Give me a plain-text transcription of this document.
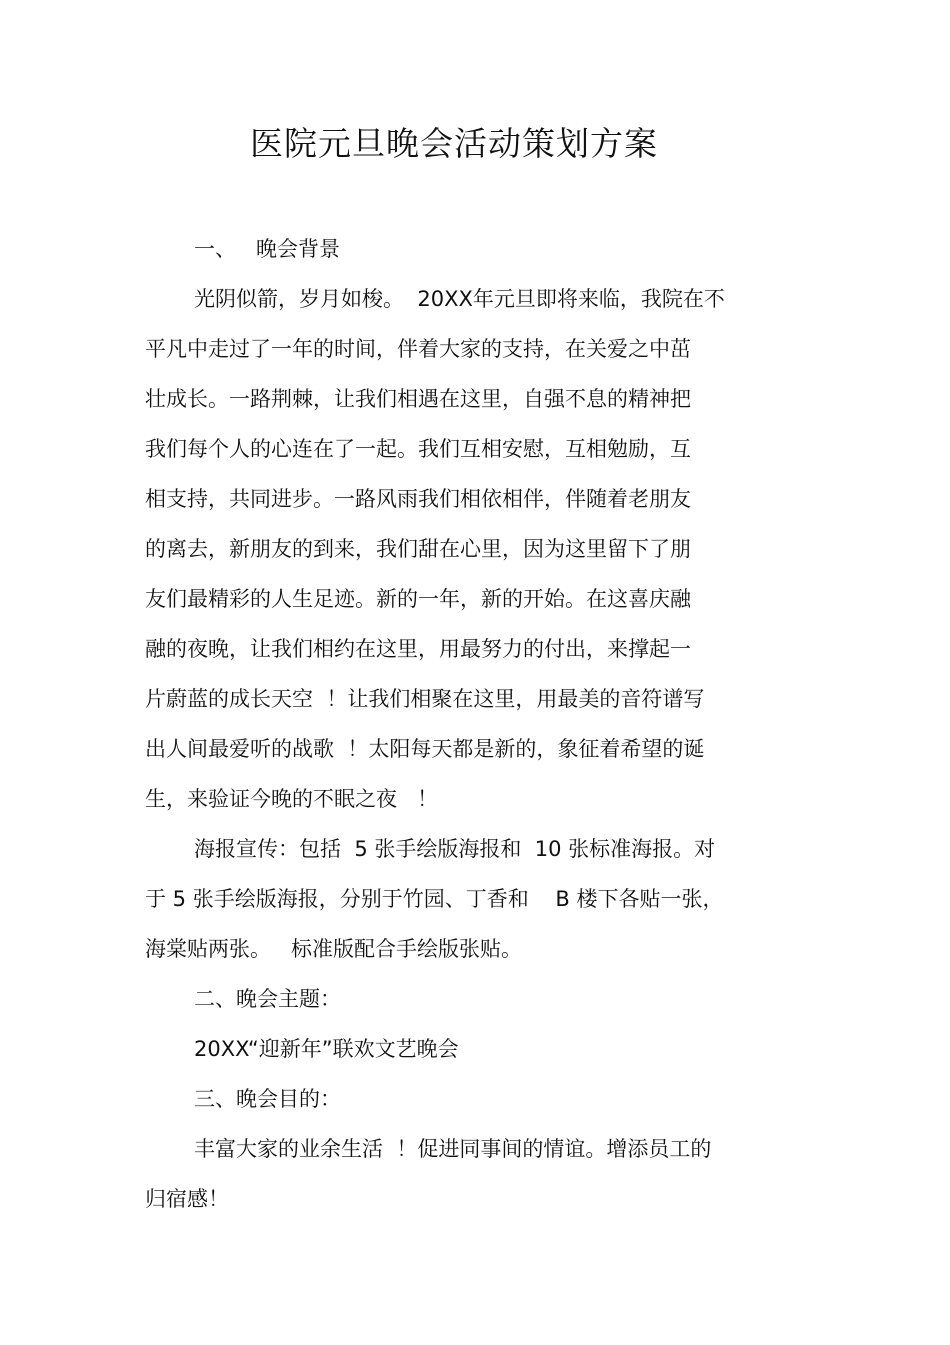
医院元旦晚会活动策划方案

一、   晚会背景

光阴似箭，岁月如梭。  20XX年元旦即将来临，我院在不

平凡中走过了一年的时间，伴着大家的支持，在关爱之中茁

壮成长。一路荆棘，让我们相遇在这里，自强不息的精神把

我们每个人的心连在了一起。我们互相安慰，互相勉励，互

相支持，共同进步。一路风雨我们相依相伴，伴随着老朋友

的离去，新朋友的到来，我们甜在心里，因为这里留下了朋

友们最精彩的人生足迹。新的一年，新的开始。在这喜庆融

融的夜晚，让我们相约在这里，用最努力的付出，来撑起一

片蔚蓝的成长天空  ！让我们相聚在这里，用最美的音符谱写

出人间最爱听的战歌  ！太阳每天都是新的，象征着希望的诞

生，来验证今晚的不眠之夜   ！

海报宣传：包括  5 张手绘版海报和  10 张标准海报。对

于 5 张手绘版海报，分别于竹园、丁香和    B 楼下各贴一张，

海棠贴两张。   标准版配合手绘版张贴。

二、晚会主题：

20XX“迎新年”联欢文艺晚会

三、晚会目的：

丰富大家的业余生活  ！促进同事间的情谊。增添员工的

归宿感！
